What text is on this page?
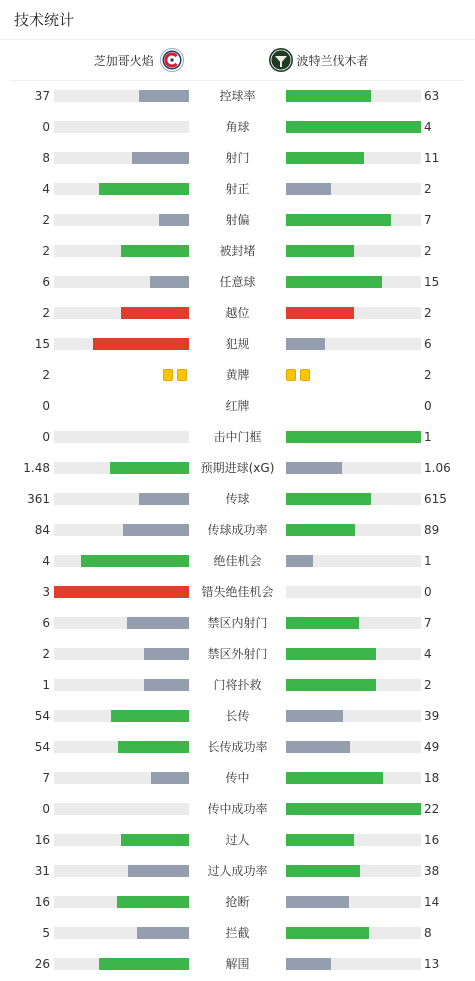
技术统计
芝加哥火焰	波特兰伐木者
37	控球率	63
0	角球	4
8	射门	11
4	射正	2
2	射偏	7
2	被封堵	2
6	任意球	15
2	越位	2
15	犯规	6
2	黄牌	2
0	红牌	0
0	击中门框	1
1.48	预期进球(xG)	1.06
361	传球	615
84	传球成功率	89
4	绝佳机会	1
3	错失绝佳机会	0
6	禁区内射门	7
2	禁区外射门	4
1	门将扑救	2
54	长传	39
54	长传成功率	49
7	传中	18
0	传中成功率	22
16	过人	16
31	过人成功率	38
16	抢断	14
5	拦截	8
26	解围	13
